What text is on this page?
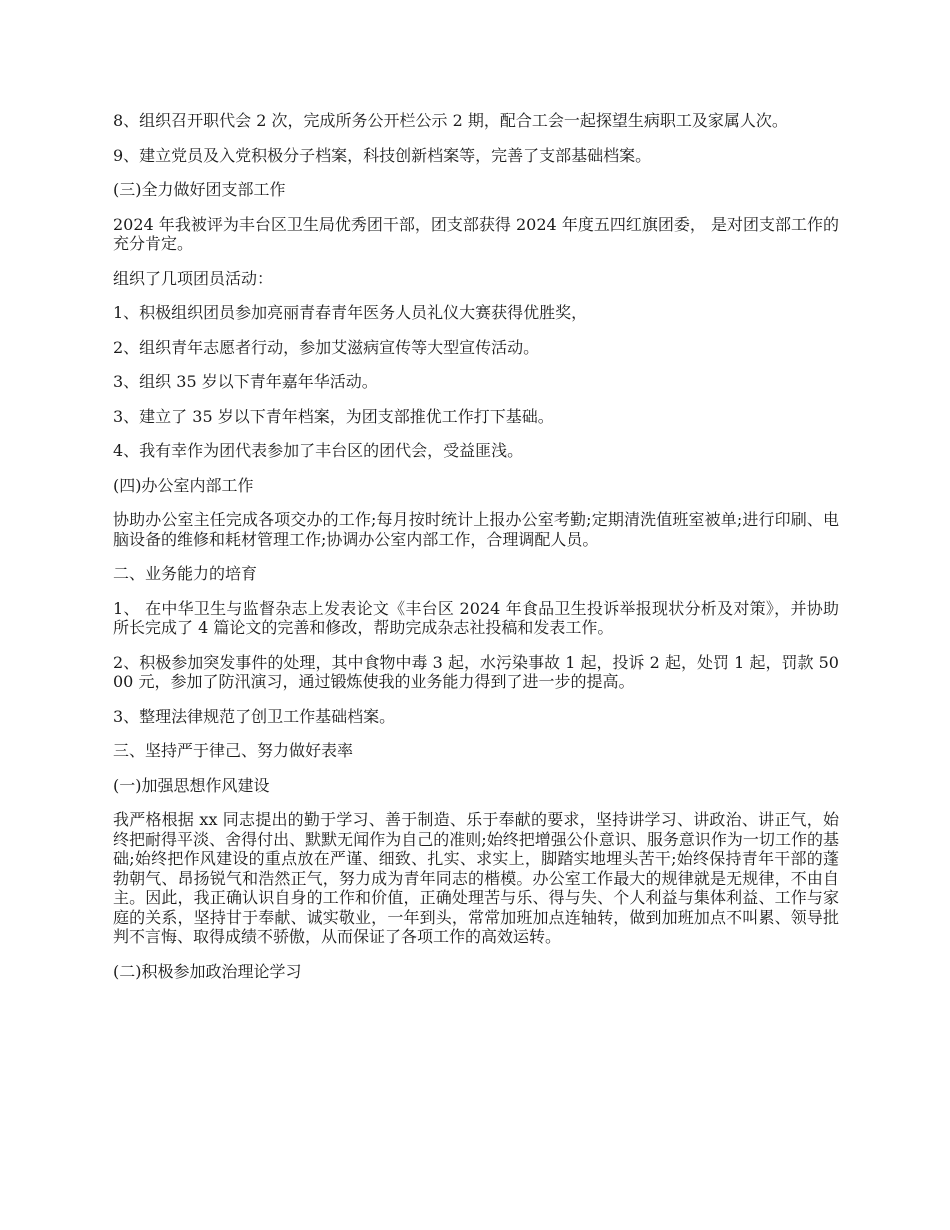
8、组织召开职代会 2 次，完成所务公开栏公示 2 期，配合工会一起探望生病职工及家属人次。

9、建立党员及入党积极分子档案，科技创新档案等，完善了支部基础档案。

(三)全力做好团支部工作

2024 年我被评为丰台区卫生局优秀团干部，团支部获得 2024 年度五四红旗团委， 是对团支部工作的充分肯定。

组织了几项团员活动：

1、积极组织团员参加亮丽青春青年医务人员礼仪大赛获得优胜奖，

2、组织青年志愿者行动，参加艾滋病宣传等大型宣传活动。

3、组织 35 岁以下青年嘉年华活动。

3、建立了 35 岁以下青年档案，为团支部推优工作打下基础。

4、我有幸作为团代表参加了丰台区的团代会，受益匪浅。

(四)办公室内部工作

协助办公室主任完成各项交办的工作;每月按时统计上报办公室考勤;定期清洗值班室被单;进行印刷、电脑设备的维修和耗材管理工作;协调办公室内部工作，合理调配人员。

二、业务能力的培育

1、 在中华卫生与监督杂志上发表论文《丰台区 2024 年食品卫生投诉举报现状分析及对策》，并协助所长完成了 4 篇论文的完善和修改，帮助完成杂志社投稿和发表工作。

2、积极参加突发事件的处理，其中食物中毒 3 起，水污染事故 1 起，投诉 2 起，处罚 1 起，罚款 5000 元，参加了防汛演习，通过锻炼使我的业务能力得到了进一步的提高。

3、整理法律规范了创卫工作基础档案。

三、坚持严于律己、努力做好表率

(一)加强思想作风建设

我严格根据 xx 同志提出的勤于学习、善于制造、乐于奉献的要求，坚持讲学习、讲政治、讲正气，始终把耐得平淡、舍得付出、默默无闻作为自己的准则;始终把增强公仆意识、服务意识作为一切工作的基础;始终把作风建设的重点放在严谨、细致、扎实、求实上，脚踏实地埋头苦干;始终保持青年干部的蓬勃朝气、昂扬锐气和浩然正气，努力成为青年同志的楷模。办公室工作最大的规律就是无规律，不由自主。因此，我正确认识自身的工作和价值，正确处理苦与乐、得与失、个人利益与集体利益、工作与家庭的关系，坚持甘于奉献、诚实敬业，一年到头，常常加班加点连轴转，做到加班加点不叫累、领导批判不言悔、取得成绩不骄傲，从而保证了各项工作的高效运转。

(二)积极参加政治理论学习
